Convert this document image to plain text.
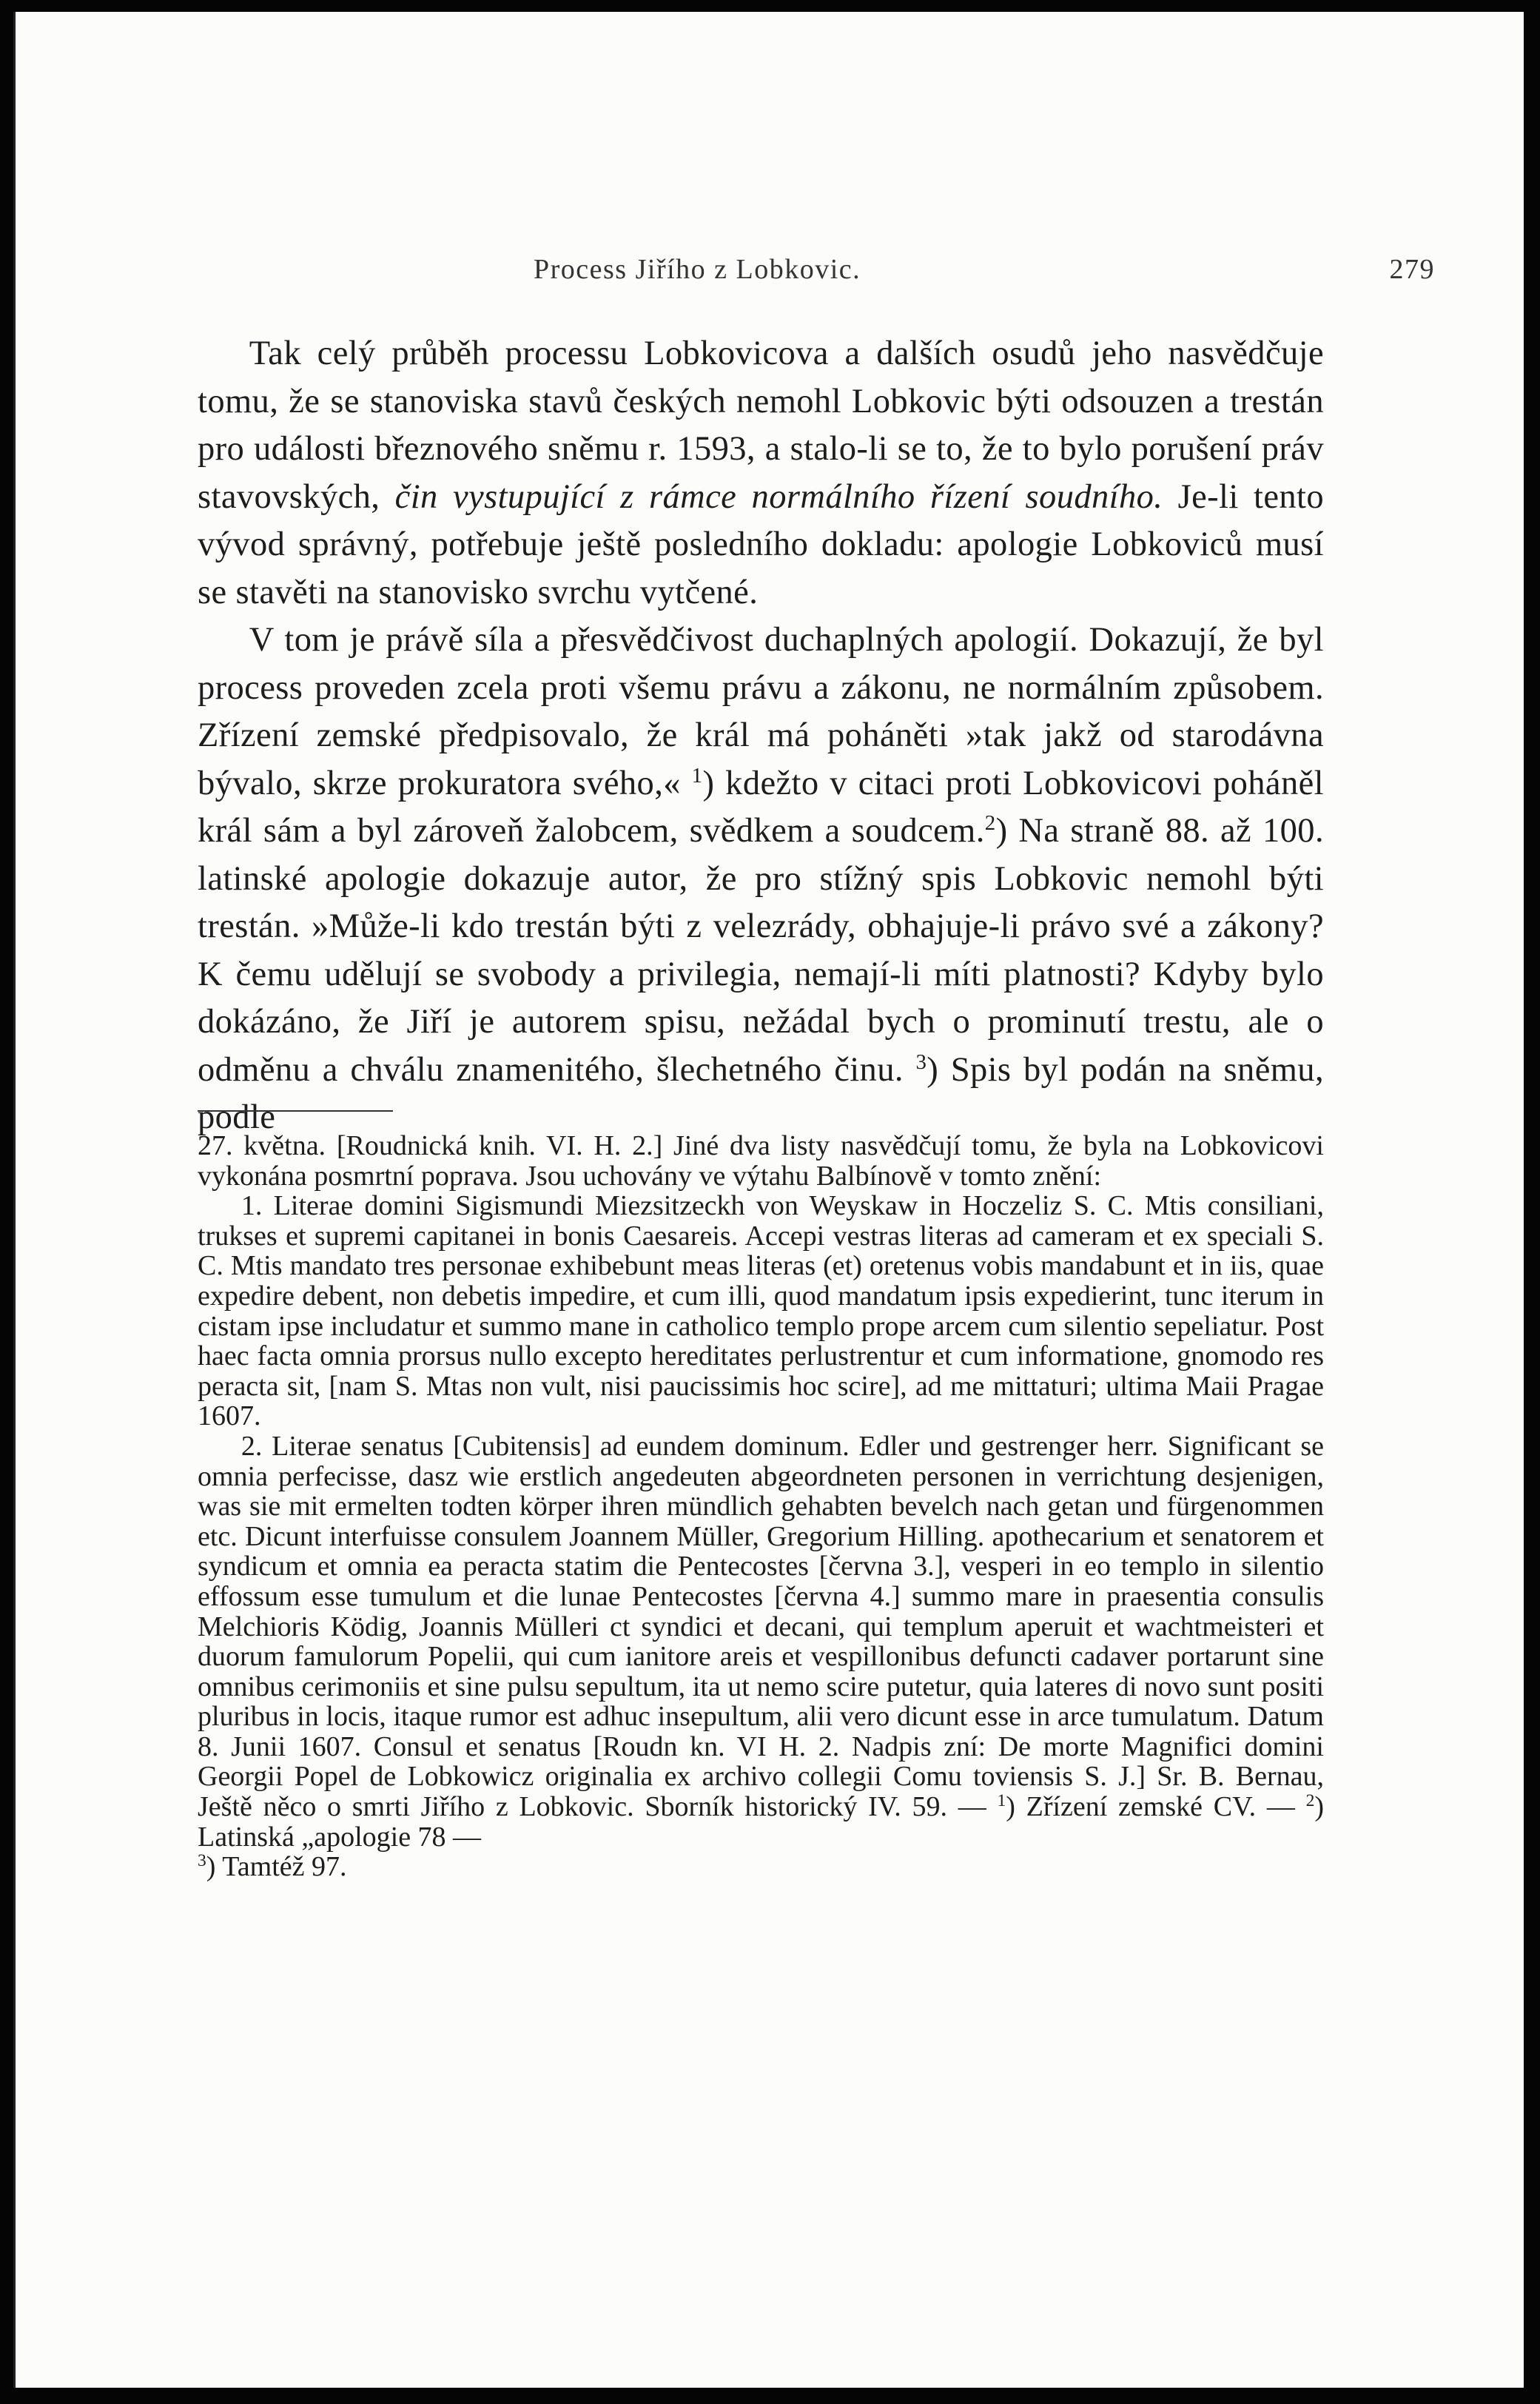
Process Jiřího z Lobkovic.	279

Tak celý průběh processu Lobkovicova a dalších osudů jeho nasvědčuje tomu, že se stanoviska stavů českých nemohl Lobkovic býti odsouzen a trestán pro události březnového sněmu r. 1593, a stalo-li se to, že to bylo porušení práv stavovských, čin vystupující z rámce normálního řízení soudního. Je-li tento vývod správný, potřebuje ještě posledního dokladu: apologie Lobkoviců musí se stavěti na stanovisko svrchu vytčené.

V tom je právě síla a přesvědčivost duchaplných apologií. Dokazují, že byl process proveden zcela proti všemu právu a zákonu, ne normálním způsobem. Zřízení zemské předpisovalo, že král má poháněti »tak jakž od starodávna bývalo, skrze prokuratora svého,« $^1$) kdežto v citaci proti Lobkovicovi poháněl král sám a byl zároveň žalobcem, svědkem a soudcem.$^2$) Na straně 88. až 100. latinské apologie dokazuje autor, že pro stížný spis Lobkovic nemohl býti trestán. »Může-li kdo trestán býti z velezrády, obhajuje-li právo své a zákony? K čemu udělují se svobody a privilegia, nemají-li míti platnosti? Kdyby bylo dokázáno, že Jiří je autorem spisu, nežádal bych o prominutí trestu, ale o odměnu a chválu znamenitého, šlechetného činu. $^3$) Spis byl podán na sněmu, podle

27. května. [Roudnická knih. VI. H. 2.] Jiné dva listy nasvědčují tomu, že byla na Lobkovicovi vykonána posmrtní poprava. Jsou uchovány ve výtahu Balbínově v tomto znění:

1. Literae domini Sigismundi Miezsitzeckh von Weyskaw in Hoczeliz S. C. Mtis consiliani, trukses et supremi capitanei in bonis Caesareis. Accepi vestras literas ad cameram et ex speciali S. C. Mtis mandato tres personae exhibebunt meas literas (et) oretenus vobis mandabunt et in iis, quae expedire debent, non debetis impedire, et cum illi, quod mandatum ipsis expedierint, tunc iterum in cistam ipse includatur et summo mane in catholico templo prope arcem cum silentio sepeliatur. Post haec facta omnia prorsus nullo excepto hereditates perlustrentur et cum informatione, gnomodo res peracta sit, [nam S. Mtas non vult, nisi paucissimis hoc scire], ad me mittaturi; ultima Maii Pragae 1607.

2. Literae senatus [Cubitensis] ad eundem dominum. Edler und gestrenger herr. Significant se omnia perfecisse, dasz wie erstlich angedeuten abgeordneten personen in verrichtung desjenigen, was sie mit ermelten todten körper ihren mündlich gehabten bevelch nach getan und fürgenommen etc. Dicunt interfuisse consulem Joannem Müller, Gregorium Hilling. apothecarium et senatorem et syndicum et omnia ea peracta statim die Pentecostes [června 3.], vesperi in eo templo in silentio effossum esse tumulum et die lunae Pentecostes [června 4.] summo mare in praesentia consulis Melchioris Ködig, Joannis Mülleri ct syndici et decani, qui templum aperuit et wachtmeisteri et duorum famulorum Popelii, qui cum ianitore areis et vespillonibus defuncti cadaver portarunt sine omnibus cerimoniis et sine pulsu sepultum, ita ut nemo scire putetur, quia lateres di novo sunt positi pluribus in locis, itaque rumor est adhuc insepultum, alii vero dicunt esse in arce tumulatum. Datum 8. Junii 1607. Consul et senatus [Roudn kn. VI H. 2. Nadpis zní: De morte Magnifici domini Georgii Popel de Lobkowicz originalia ex archivo collegii Comu toviensis S. J.] Sr. B. Bernau, Ještě něco o smrti Jiřího z Lobkovic. Sborník historický IV. 59. — $^1$) Zřízení zemské CV. — $^2$) Latinská „apologie 78 —
$^3$) Tamtéž 97.
